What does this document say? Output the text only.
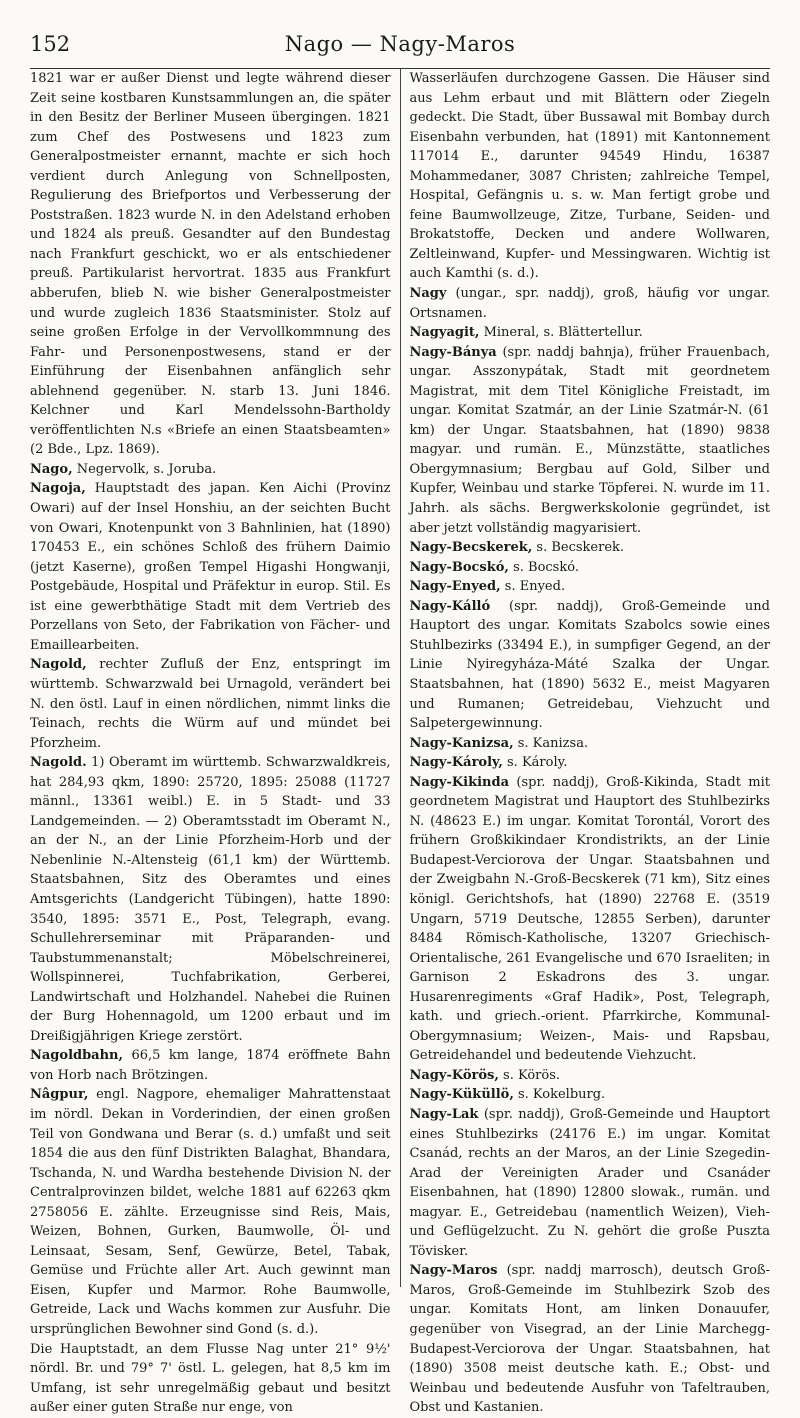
152	Nago — Nagy-Maros

1821 war er außer Dienst und legte während dieser Zeit seine kostbaren Kunstsammlungen an, die später in den Besitz der Berliner Museen übergingen. 1821 zum Chef des Postwesens und 1823 zum Generalpostmeister ernannt, machte er sich hoch verdient durch Anlegung von Schnellposten, Regulierung des Briefportos und Verbesserung der Poststraßen. 1823 wurde N. in den Adelstand erhoben und 1824 als preuß. Gesandter auf den Bundestag nach Frankfurt geschickt, wo er als entschiedener preuß. Partikularist hervortrat. 1835 aus Frankfurt abberufen, blieb N. wie bisher Generalpostmeister und wurde zugleich 1836 Staatsminister. Stolz auf seine großen Erfolge in der Vervollkommnung des Fahr- und Personenpostwesens, stand er der Einführung der Eisenbahnen anfänglich sehr ablehnend gegenüber. N. starb 13. Juni 1846. Kelchner und Karl Mendelssohn-Bartholdy veröffentlichten N.s «Briefe an einen Staatsbeamten» (2 Bde., Lpz. 1869).

Nago, Negervolk, s. Joruba.

Nagoja, Hauptstadt des japan. Ken Aichi (Provinz Owari) auf der Insel Honshiu, an der seichten Bucht von Owari, Knotenpunkt von 3 Bahnlinien, hat (1890) 170453 E., ein schönes Schloß des frühern Daimio (jetzt Kaserne), großen Tempel Higashi Hongwanji, Postgebäude, Hospital und Präfektur in europ. Stil. Es ist eine gewerbthätige Stadt mit dem Vertrieb des Porzellans von Seto, der Fabrikation von Fächer- und Emaillearbeiten.

Nagold, rechter Zufluß der Enz, entspringt im württemb. Schwarzwald bei Urnagold, verändert bei N. den östl. Lauf in einen nördlichen, nimmt links die Teinach, rechts die Würm auf und mündet bei Pforzheim.

Nagold. 1) Oberamt im württemb. Schwarzwaldkreis, hat 284,93 qkm, 1890: 25720, 1895: 25088 (11727 männl., 13361 weibl.) E. in 5 Stadt- und 33 Landgemeinden. — 2) Oberamtsstadt im Oberamt N., an der N., an der Linie Pforzheim-Horb und der Nebenlinie N.-Altensteig (61,1 km) der Württemb. Staatsbahnen, Sitz des Oberamtes und eines Amtsgerichts (Landgericht Tübingen), hatte 1890: 3540, 1895: 3571 E., Post, Telegraph, evang. Schullehrerseminar mit Präparanden- und Taubstummenanstalt; Möbelschreinerei, Wollspinnerei, Tuchfabrikation, Gerberei, Landwirtschaft und Holzhandel. Nahebei die Ruinen der Burg Hohennagold, um 1200 erbaut und im Dreißigjährigen Kriege zerstört.

Nagoldbahn, 66,5 km lange, 1874 eröffnete Bahn von Horb nach Brötzingen.

Nâgpur, engl. Nagpore, ehemaliger Mahrattenstaat im nördl. Dekan in Vorderindien, der einen großen Teil von Gondwana und Berar (s. d.) umfaßt und seit 1854 die aus den fünf Distrikten Balaghat, Bhandara, Tschanda, N. und Wardha bestehende Division N. der Centralprovinzen bildet, welche 1881 auf 62263 qkm 2758056 E. zählte. Erzeugnisse sind Reis, Mais, Weizen, Bohnen, Gurken, Baumwolle, Öl- und Leinsaat, Sesam, Senf, Gewürze, Betel, Tabak, Gemüse und Früchte aller Art. Auch gewinnt man Eisen, Kupfer und Marmor. Rohe Baumwolle, Getreide, Lack und Wachs kommen zur Ausfuhr. Die ursprünglichen Bewohner sind Gond (s. d.).

Die Hauptstadt, an dem Flusse Nag unter 21° 9½' nördl. Br. und 79° 7' östl. L. gelegen, hat 8,5 km im Umfang, ist sehr unregelmäßig gebaut und besitzt außer einer guten Straße nur enge, von

Wasserläufen durchzogene Gassen. Die Häuser sind aus Lehm erbaut und mit Blättern oder Ziegeln gedeckt. Die Stadt, über Bussawal mit Bombay durch Eisenbahn verbunden, hat (1891) mit Kantonnement 117014 E., darunter 94549 Hindu, 16387 Mohammedaner, 3087 Christen; zahlreiche Tempel, Hospital, Gefängnis u. s. w. Man fertigt grobe und feine Baumwollzeuge, Zitze, Turbane, Seiden- und Brokatstoffe, Decken und andere Wollwaren, Zeltleinwand, Kupfer- und Messingwaren. Wichtig ist auch Kamthi (s. d.).

Nagy (ungar., spr. naddj), groß, häufig vor ungar. Ortsnamen.

Nagyagit, Mineral, s. Blättertellur.

Nagy-Bánya (spr. naddj bahnja), früher Frauenbach, ungar. Asszonypátak, Stadt mit geordnetem Magistrat, mit dem Titel Königliche Freistadt, im ungar. Komitat Szatmár, an der Linie Szatmár-N. (61 km) der Ungar. Staatsbahnen, hat (1890) 9838 magyar. und rumän. E., Münzstätte, staatliches Obergymnasium; Bergbau auf Gold, Silber und Kupfer, Weinbau und starke Töpferei. N. wurde im 11. Jahrh. als sächs. Bergwerkskolonie gegründet, ist aber jetzt vollständig magyarisiert.

Nagy-Becskerek, s. Becskerek.

Nagy-Bocskó, s. Bocskó.

Nagy-Enyed, s. Enyed.

Nagy-Kálló (spr. naddj), Groß-Gemeinde und Hauptort des ungar. Komitats Szabolcs sowie eines Stuhlbezirks (33494 E.), in sumpfiger Gegend, an der Linie Nyiregyháza-Máté Szalka der Ungar. Staatsbahnen, hat (1890) 5632 E., meist Magyaren und Rumanen; Getreidebau, Viehzucht und Salpetergewinnung.

Nagy-Kanizsa, s. Kanizsa.

Nagy-Károly, s. Károly.

Nagy-Kikinda (spr. naddj), Groß-Kikinda, Stadt mit geordnetem Magistrat und Hauptort des Stuhlbezirks N. (48623 E.) im ungar. Komitat Torontál, Vorort des frühern Großkikindaer Krondistrikts, an der Linie Budapest-Verciorova der Ungar. Staatsbahnen und der Zweigbahn N.-Groß-Becskerek (71 km), Sitz eines königl. Gerichtshofs, hat (1890) 22768 E. (3519 Ungarn, 5719 Deutsche, 12855 Serben), darunter 8484 Römisch-Katholische, 13207 Griechisch-Orientalische, 261 Evangelische und 670 Israeliten; in Garnison 2 Eskadrons des 3. ungar. Husarenregiments «Graf Hadik», Post, Telegraph, kath. und griech.-orient. Pfarrkirche, Kommunal-Obergymnasium; Weizen-, Mais- und Rapsbau, Getreidehandel und bedeutende Viehzucht.

Nagy-Körös, s. Körös.

Nagy-Küküllö, s. Kokelburg.

Nagy-Lak (spr. naddj), Groß-Gemeinde und Hauptort eines Stuhlbezirks (24176 E.) im ungar. Komitat Csanád, rechts an der Maros, an der Linie Szegedin-Arad der Vereinigten Arader und Csanáder Eisenbahnen, hat (1890) 12800 slowak., rumän. und magyar. E., Getreidebau (namentlich Weizen), Vieh- und Geflügelzucht. Zu N. gehört die große Puszta Tövisker.

Nagy-Maros (spr. naddj marrosch), deutsch Groß-Maros, Groß-Gemeinde im Stuhlbezirk Szob des ungar. Komitats Hont, am linken Donauufer, gegenüber von Visegrad, an der Linie Marchegg-Budapest-Verciorova der Ungar. Staatsbahnen, hat (1890) 3508 meist deutsche kath. E.; Obst- und Weinbau und bedeutende Ausfuhr von Tafeltrauben, Obst und Kastanien.
